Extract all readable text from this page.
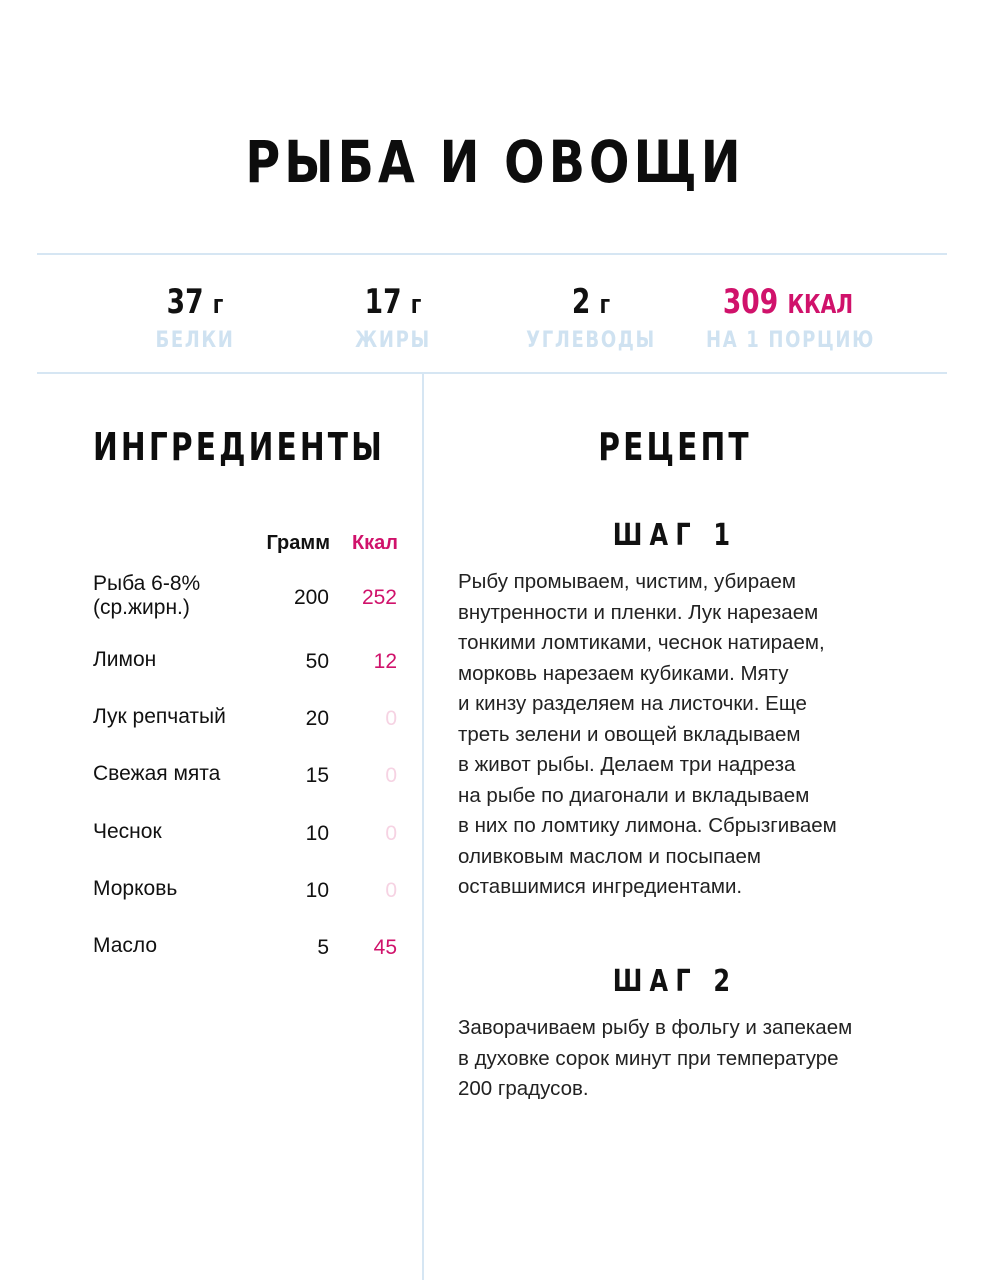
РЫБА И ОВОЩИ
37 г
БЕЛКИ
17 г
ЖИРЫ
2 г
УГЛЕВОДЫ
309 ККАЛ
НА 1 ПОРЦИЮ
ИНГРЕДИЕНТЫ	РЕЦЕПТ
Грамм	Ккал
Рыба 6-8%
(ср.жирн.)	200	252
Лимон	50	12
Лук репчатый	20	0
Свежая мята	15	0
Чеснок	10	0
Морковь	10	0
Масло	5	45
ШАГ 1
Рыбу промываем, чистим, убираем
внутренности и пленки. Лук нарезаем
тонкими ломтиками, чеснок натираем,
морковь нарезаем кубиками. Мяту
и кинзу разделяем на листочки. Еще
треть зелени и овощей вкладываем
в живот рыбы. Делаем три надреза
на рыбе по диагонали и вкладываем
в них по ломтику лимона. Сбрызгиваем
оливковым маслом и посыпаем
оставшимися ингредиентами.
ШАГ 2
Заворачиваем рыбу в фольгу и запекаем
в духовке сорок минут при температуре
200 градусов.
